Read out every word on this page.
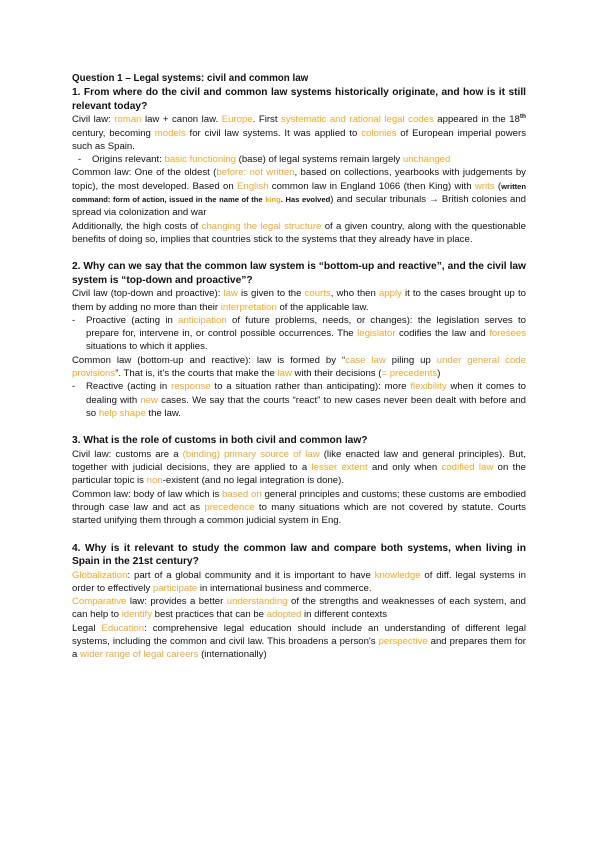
Question 1 – Legal systems: civil and common law

1. From where do the civil and common law systems historically originate, and how is it still relevant today?

Civil law: roman law + canon law. Europe. First systematic and rational legal codes appeared in the 18th century, becoming models for civil law systems. It was applied to colonies of European imperial powers such as Spain.

-	Origins relevant: basic functioning (base) of legal systems remain largely unchanged

Common law: One of the oldest (before: not written, based on collections, yearbooks with judgements by topic), the most developed. Based on English common law in England 1066 (then King) with writs (written command: form of action, issued in the name of the king. Has evolved) and secular tribunals → British colonies and spread via colonization and war

Additionally, the high costs of changing the legal structure of a given country, along with the questionable benefits of doing so, implies that countries stick to the systems that they already have in place.

2. Why can we say that the common law system is “bottom-up and reactive”, and the civil law system is “top-down and proactive”?

Civil law (top-down and proactive): law is given to the courts, who then apply it to the cases brought up to them by adding no more than their interpretation of the applicable law.

-	Proactive (acting in anticipation of future problems, needs, or changes): the legislation serves to prepare for, intervene in, or control possible occurrences. The legislator codifies the law and foresees situations to which it applies.

Common law (bottom-up and reactive): law is formed by “case law piling up under general code provisions”. That is, it’s the courts that make the law with their decisions (= precedents)

-	Reactive (acting in response to a situation rather than anticipating): more flexibility when it comes to dealing with new cases. We say that the courts “react” to new cases never been dealt with before and so help shape the law.

3. What is the role of customs in both civil and common law?

Civil law: customs are a (binding) primary source of law (like enacted law and general principles). But, together with judicial decisions, they are applied to a lesser extent and only when codified law on the particular topic is non-existent (and no legal integration is done).

Common law: body of law which is based on general principles and customs; these customs are embodied through case law and act as precedence to many situations which are not covered by statute. Courts started unifying them through a common judicial system in Eng.

4. Why is it relevant to study the common law and compare both systems, when living in Spain in the 21st century?

Globalization: part of a global community and it is important to have knowledge of diff. legal systems in order to effectively participate in international business and commerce.

Comparative law: provides a better understanding of the strengths and weaknesses of each system, and can help to identify best practices that can be adopted in different contexts

Legal Education: comprehensive legal education should include an understanding of different legal systems, including the common and civil law. This broadens a person's perspective and prepares them for a wider range of legal careers (internationally)
